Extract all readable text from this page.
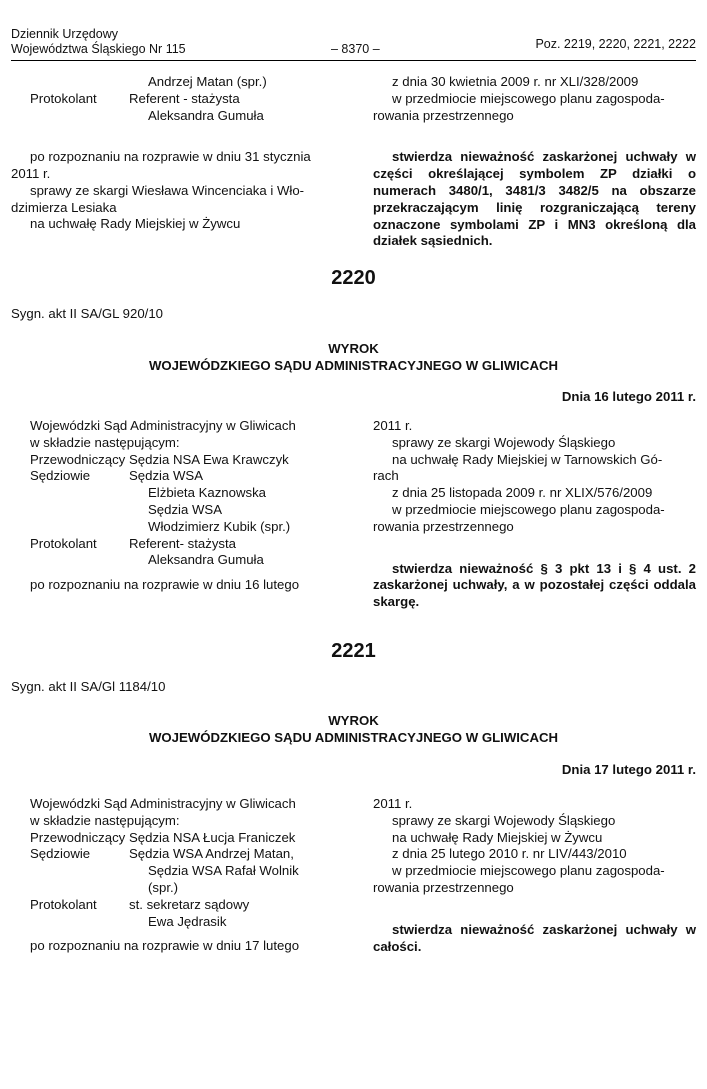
Dziennik Urzędowy
Województwa Śląskiego Nr 115	– 8370 –	Poz. 2219, 2220, 2221, 2222
Andrzej Matan (spr.)
Protokolant	Referent - stażysta
Aleksandra Gumuła
po rozpoznaniu na rozprawie w dniu 31 stycznia
2011 r.
sprawy ze skargi Wiesława Wincenciaka i Wło-
dzimierza Lesiaka
na uchwałę Rady Miejskiej w Żywcu
z dnia 30 kwietnia 2009 r. nr XLI/328/2009
w przedmiocie miejscowego planu zagospoda-
rowania przestrzennego

stwierdza nieważność zaskarżonej uchwały w części określającej symbolem ZP działki o numerach 3480/1, 3481/3 3482/5 na obszarze przekraczającym linię rozgraniczającą tereny oznaczone symbolami ZP i MN3 określoną dla działek sąsiednich.

2220
Sygn. akt II SA/GL 920/10
WYROK
WOJEWÓDZKIEGO SĄDU ADMINISTRACYJNEGO W GLIWICACH
Dnia 16 lutego 2011 r.
Wojewódzki Sąd Administracyjny w Gliwicach
w składzie następującym:
Przewodniczący Sędzia NSA Ewa Krawczyk
Sędziowie	Sędzia WSA
Elżbieta Kaznowska
Sędzia WSA
Włodzimierz Kubik (spr.)
Protokolant	Referent- stażysta
Aleksandra Gumuła
po rozpoznaniu na rozprawie w dniu 16 lutego
2011 r.
sprawy ze skargi Wojewody Śląskiego
na uchwałę Rady Miejskiej w Tarnowskich Gó-
rach
z dnia 25 listopada 2009 r. nr XLIX/576/2009
w przedmiocie miejscowego planu zagospoda-
rowania przestrzennego

stwierdza nieważność § 3 pkt 13 i § 4 ust. 2 zaskarżonej uchwały, a w pozostałej części oddala skargę.

2221
Sygn. akt II SA/Gl 1184/10
WYROK
WOJEWÓDZKIEGO SĄDU ADMINISTRACYJNEGO W GLIWICACH
Dnia 17 lutego 2011 r.
Wojewódzki Sąd Administracyjny w Gliwicach
w składzie następującym:
Przewodniczący Sędzia NSA Łucja Franiczek
Sędziowie	Sędzia WSA Andrzej Matan,
Sędzia WSA Rafał Wolnik
(spr.)
Protokolant	st. sekretarz sądowy
Ewa Jędrasik
po rozpoznaniu na rozprawie w dniu 17 lutego
2011 r.
sprawy ze skargi Wojewody Śląskiego
na uchwałę Rady Miejskiej w Żywcu
z dnia 25 lutego 2010 r. nr LIV/443/2010
w przedmiocie miejscowego planu zagospoda-
rowania przestrzennego

stwierdza nieważność zaskarżonej uchwały w całości.
